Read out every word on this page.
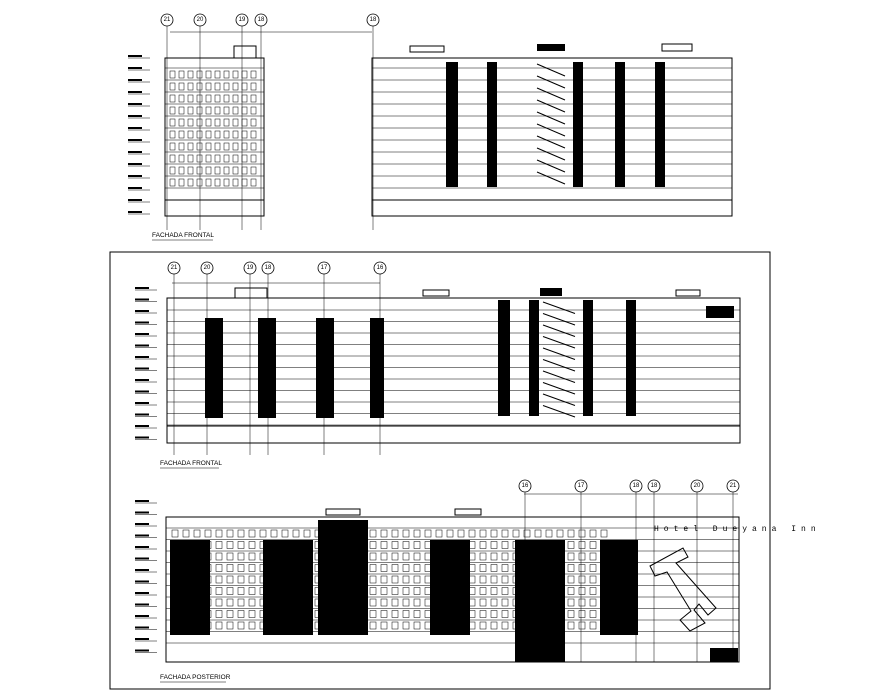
21	20	19 18	18
FACHADA FRONTAL
21	20	19 18	17	16
FACHADA FRONTAL
Hotel Dueyana Inn
16	17	18 18	20	21
FACHADA POSTERIOR
